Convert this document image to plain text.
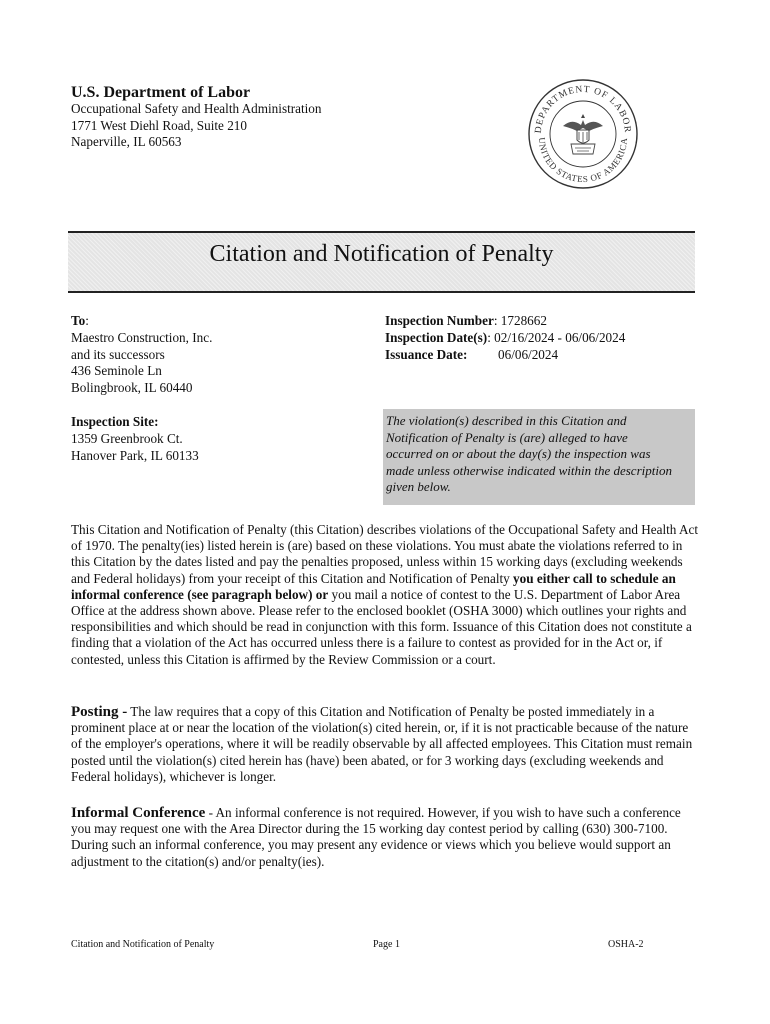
U.S. Department of Labor
Occupational Safety and Health Administration
1771 West Diehl Road, Suite 210
Naperville, IL 60563
DEPARTMENT OF LABOR
UNITED STATES OF AMERICA
Citation and Notification of Penalty
To:
Maestro Construction, Inc.
and its successors
436 Seminole Ln
Bolingbrook, IL 60440
Inspection Number: 1728662
Inspection Date(s): 02/16/2024 - 06/06/2024
Issuance Date: 06/06/2024
Inspection Site:
1359 Greenbrook Ct.
Hanover Park, IL 60133
The violation(s) described in this Citation and
Notification of Penalty is (are) alleged to have
occurred on or about the day(s) the inspection was
made unless otherwise indicated within the description
given below.
This Citation and Notification of Penalty (this Citation) describes violations of the Occupational Safety and Health Act of 1970. The penalty(ies) listed herein is (are) based on these violations. You must abate the violations referred to in this Citation by the dates listed and pay the penalties proposed, unless within 15 working days (excluding weekends and Federal holidays) from your receipt of this Citation and Notification of Penalty you either call to schedule an informal conference (see paragraph below) or you mail a notice of contest to the U.S. Department of Labor Area Office at the address shown above. Please refer to the enclosed booklet (OSHA 3000) which outlines your rights and responsibilities and which should be read in conjunction with this form. Issuance of this Citation does not constitute a finding that a violation of the Act has occurred unless there is a failure to contest as provided for in the Act or, if contested, unless this Citation is affirmed by the Review Commission or a court.
Posting - The law requires that a copy of this Citation and Notification of Penalty be posted immediately in a prominent place at or near the location of the violation(s) cited herein, or, if it is not practicable because of the nature of the employer's operations, where it will be readily observable by all affected employees. This Citation must remain posted until the violation(s) cited herein has (have) been abated, or for 3 working days (excluding weekends and Federal holidays), whichever is longer.
Informal Conference - An informal conference is not required. However, if you wish to have such a conference you may request one with the Area Director during the 15 working day contest period by calling (630) 300-7100. During such an informal conference, you may present any evidence or views which you believe would support an adjustment to the citation(s) and/or penalty(ies).
Citation and Notification of Penalty	Page 1	OSHA-2
